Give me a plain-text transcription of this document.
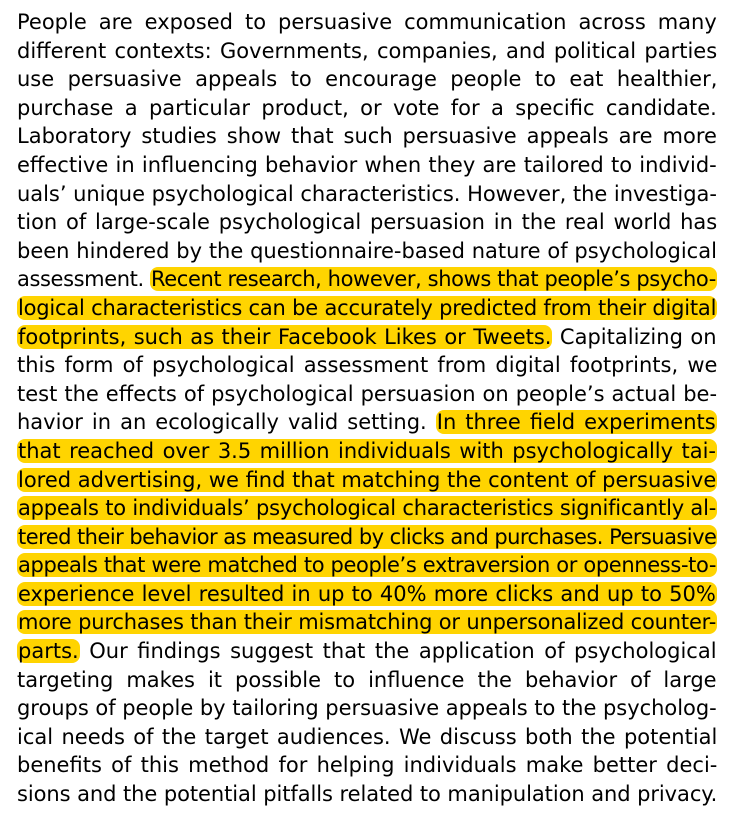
People are exposed to persuasive communication across many
different contexts: Governments, companies, and political parties
use persuasive appeals to encourage people to eat healthier,
purchase a particular product, or vote for a specific candidate.
Laboratory studies show that such persuasive appeals are more
effective in influencing behavior when they are tailored to individ-
uals’ unique psychological characteristics. However, the investiga-
tion of large-scale psychological persuasion in the real world has
been hindered by the questionnaire-based nature of psychological
assessment. Recent research, however, shows that people’s psycho-
logical characteristics can be accurately predicted from their digital
footprints, such as their Facebook Likes or Tweets. Capitalizing on
this form of psychological assessment from digital footprints, we
test the effects of psychological persuasion on people’s actual be-
havior in an ecologically valid setting. In three field experiments
that reached over 3.5 million individuals with psychologically tai-
lored advertising, we find that matching the content of persuasive
appeals to individuals’ psychological characteristics significantly al-
tered their behavior as measured by clicks and purchases. Persuasive
appeals that were matched to people’s extraversion or openness-to-
experience level resulted in up to 40% more clicks and up to 50%
more purchases than their mismatching or unpersonalized counter-
parts. Our findings suggest that the application of psychological
targeting makes it possible to influence the behavior of large
groups of people by tailoring persuasive appeals to the psycholog-
ical needs of the target audiences. We discuss both the potential
benefits of this method for helping individuals make better deci-
sions and the potential pitfalls related to manipulation and privacy.
